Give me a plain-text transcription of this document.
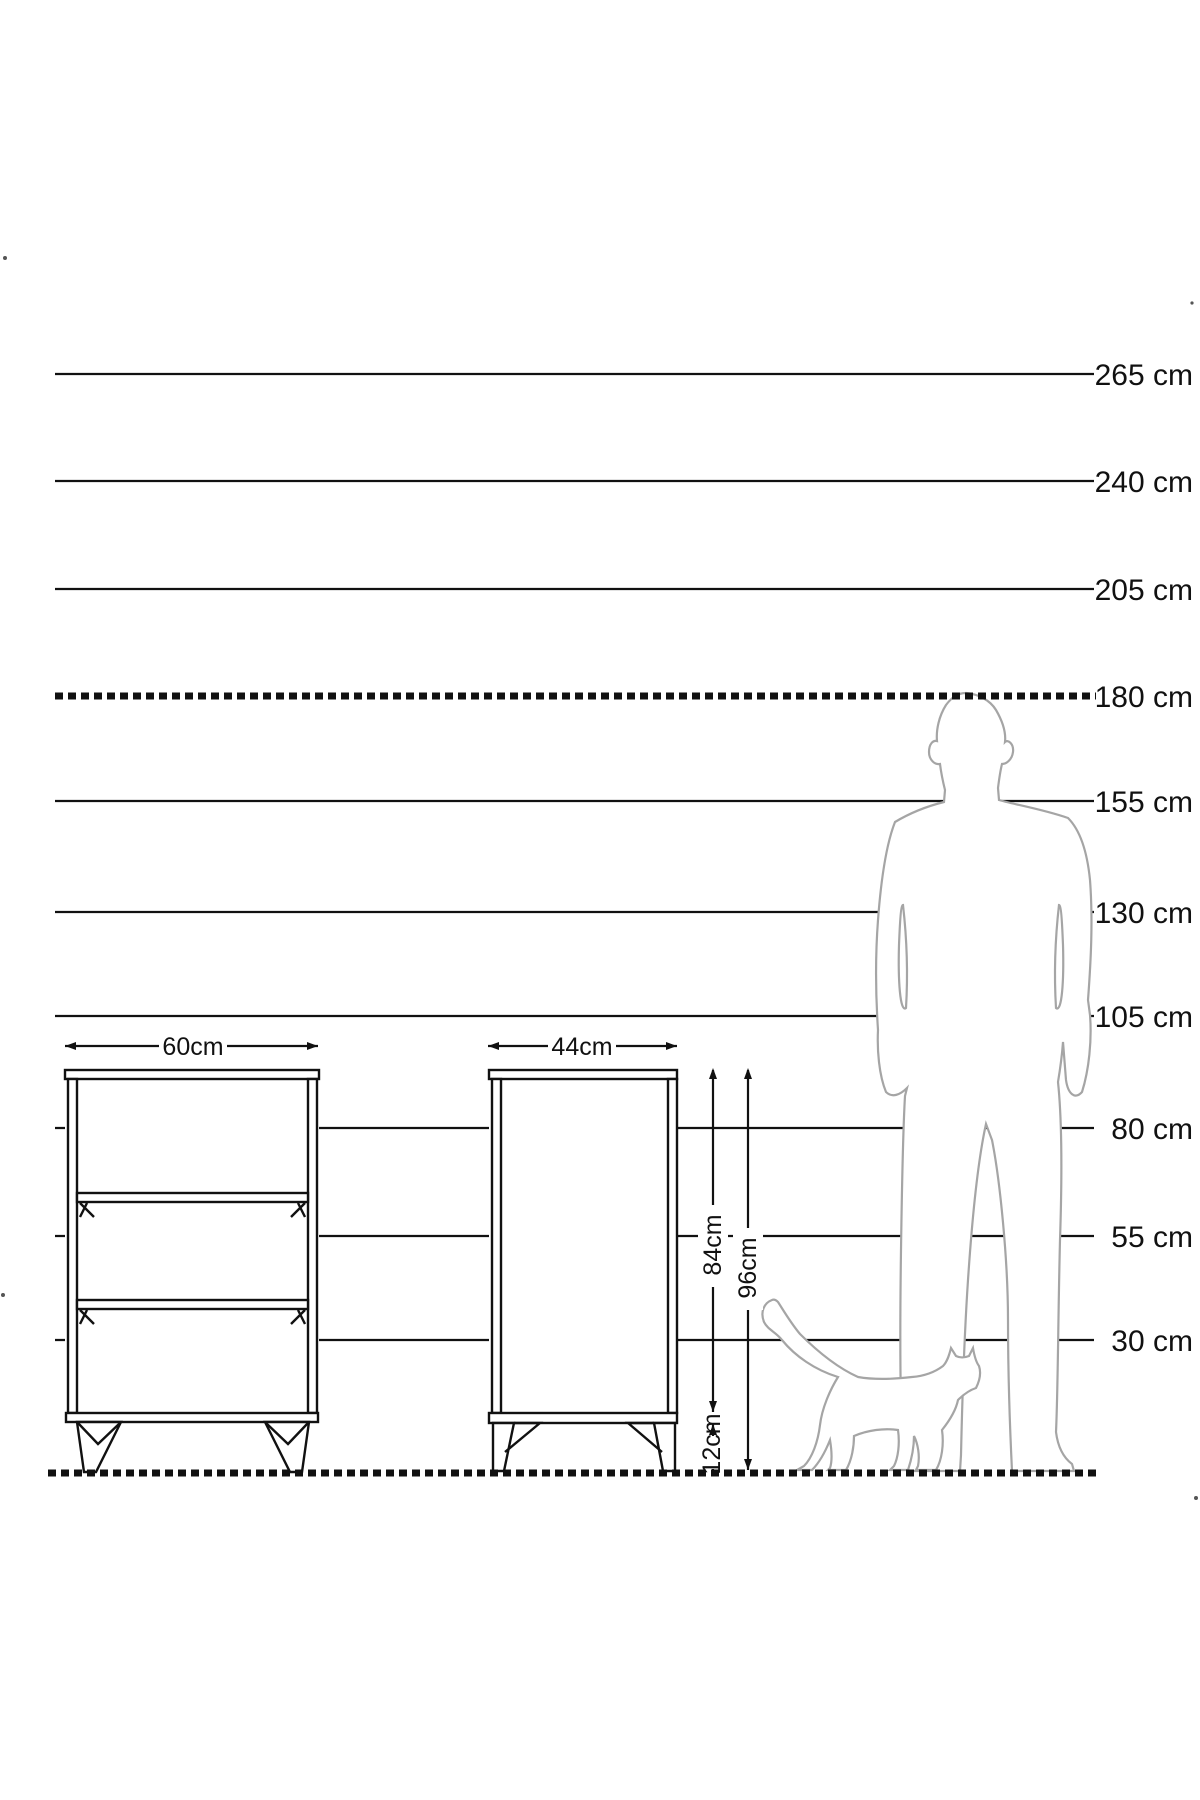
265 cm
240 cm
205 cm
180 cm
155 cm
130 cm
105 cm
80 cm
55 cm
30 cm
60cm	44cm
84cm
12cm
96cm
